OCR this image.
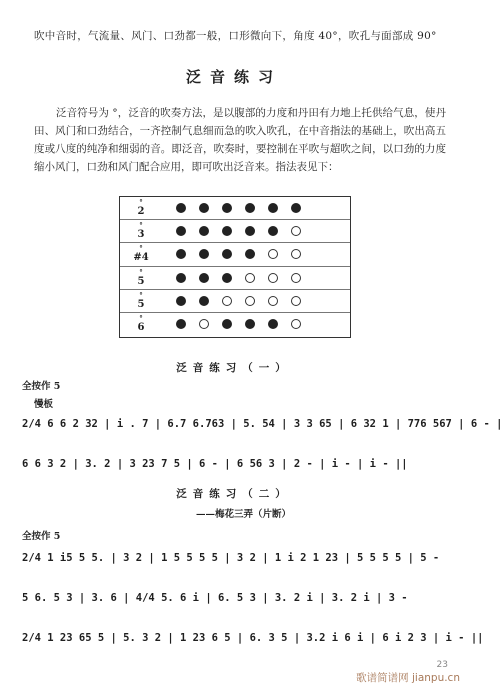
吹中音时，气流量、风门、口劲都一般，口形微向下，角度 40°，吹孔与面部成 90°
泛音练习
泛音符号为 °，泛音的吹奏方法，是以腹部的力度和丹田有力地上托供给气息，使丹田、风门和口劲结合，一齐控制气息细而急的吹入吹孔，在中音指法的基础上，吹出高五度或八度的纯净和细弱的音。即泛音，吹奏时，要控制在平吹与超吹之间，以口劲的力度缩小风门，口劲和风门配合应用，即可吹出泛音来。指法表见下：
°
2
°
3
°
#4
°
5
°
5
°
6
泛音练习（一）
全按作 5
慢板
2/4 6 6 2 32 | i . 7 | 6.7 6.763 | 5. 54 | 3 3 65 | 6 32 1 | 776 567 | 6 - |
6 6 3 2 | 3. 2 | 3 23 7 5 | 6 - | 6 56 3 | 2 - | i - | i - ||
泛音练习（二）
——梅花三弄（片断）
全按作 5
2/4 1 i5 5 5. | 3 2 | 1 5 5 5 5 | 3 2 | 1 i 2 1 23 | 5 5 5 5 | 5 -
5 6. 5 3 | 3. 6 | 4/4 5. 6 i | 6. 5 3 | 3. 2 i | 3. 2 i | 3 -
2/4 1 23 65 5 | 5. 3 2 | 1 23 6 5 | 6. 3 5 | 3.2 i 6 i | 6 i 2 3 | i - ||
23
歌谱简谱网 jianpu.cn
